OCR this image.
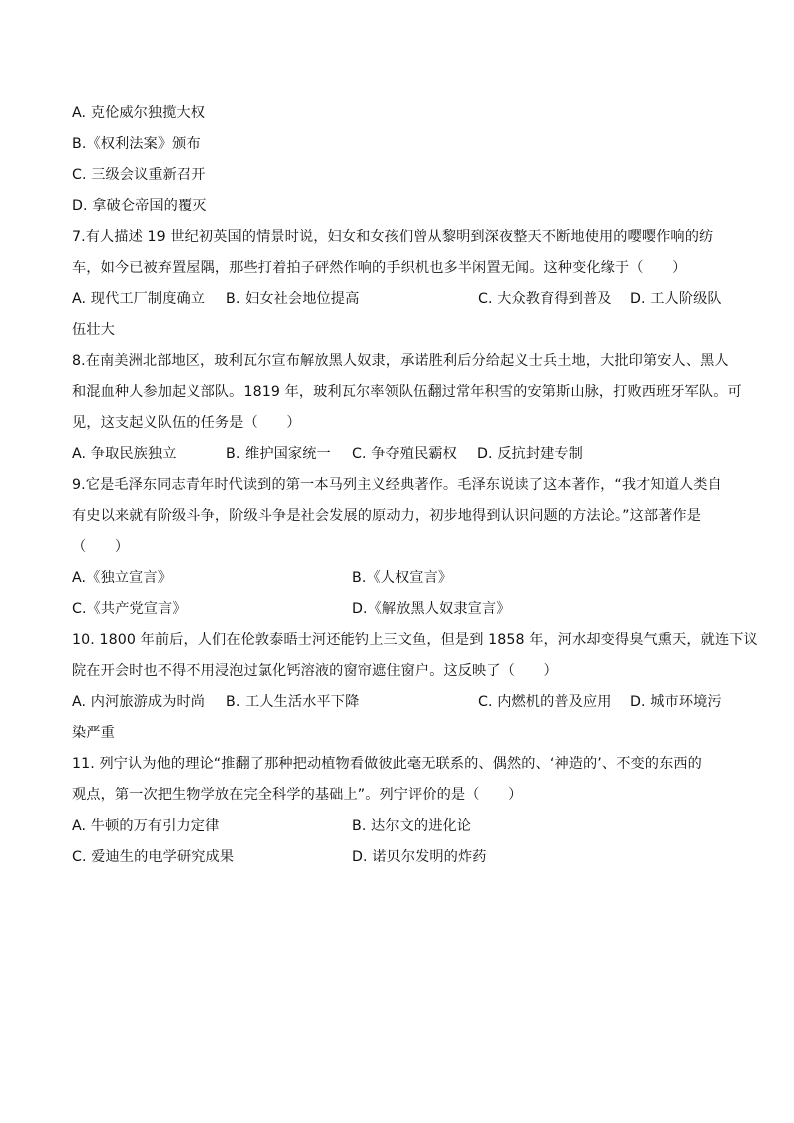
A. 克伦威尔独揽大权
B.《权利法案》颁布
C. 三级会议重新召开
D. 拿破仑帝国的覆灭
7.有人描述 19 世纪初英国的情景时说，妇女和女孩们曾从黎明到深夜整天不断地使用的嘤嘤作响的纺
车，如今已被弃置屋隅，那些打着拍子砰然作响的手织机也多半闲置无闻。这种变化缘于（　　）
A. 现代工厂制度确立 B. 妇女社会地位提高	C. 大众教育得到普及 D. 工人阶级队
伍壮大
8.在南美洲北部地区，玻利瓦尔宣布解放黑人奴隶，承诺胜利后分给起义士兵土地，大批印第安人、黑人
和混血种人参加起义部队。1819 年，玻利瓦尔率领队伍翻过常年积雪的安第斯山脉，打败西班牙军队。可
见，这支起义队伍的任务是（　　）
A. 争取民族独立	B. 维护国家统一 C. 争夺殖民霸权 D. 反抗封建专制
9.它是毛泽东同志青年时代读到的第一本马列主义经典著作。毛泽东说读了这本著作，“我才知道人类自
有史以来就有阶级斗争，阶级斗争是社会发展的原动力，初步地得到认识问题的方法论。”这部著作是
（　　）
A.《独立宣言》	B.《人权宣言》
C.《共产党宣言》	D.《解放黑人奴隶宣言》
10. 1800 年前后，人们在伦敦泰晤士河还能钓上三文鱼，但是到 1858 年，河水却变得臭气熏天，就连下议
院在开会时也不得不用浸泡过氯化钙溶液的窗帘遮住窗户。这反映了（　　）
A. 内河旅游成为时尚 B. 工人生活水平下降	C. 内燃机的普及应用 D. 城市环境污
染严重
11. 列宁认为他的理论“推翻了那种把动植物看做彼此毫无联系的、偶然的、‘神造的’、不变的东西的
观点，第一次把生物学放在完全科学的基础上”。列宁评价的是（　　）
A. 牛顿的万有引力定律	B. 达尔文的进化论
C. 爱迪生的电学研究成果	D. 诺贝尔发明的炸药
